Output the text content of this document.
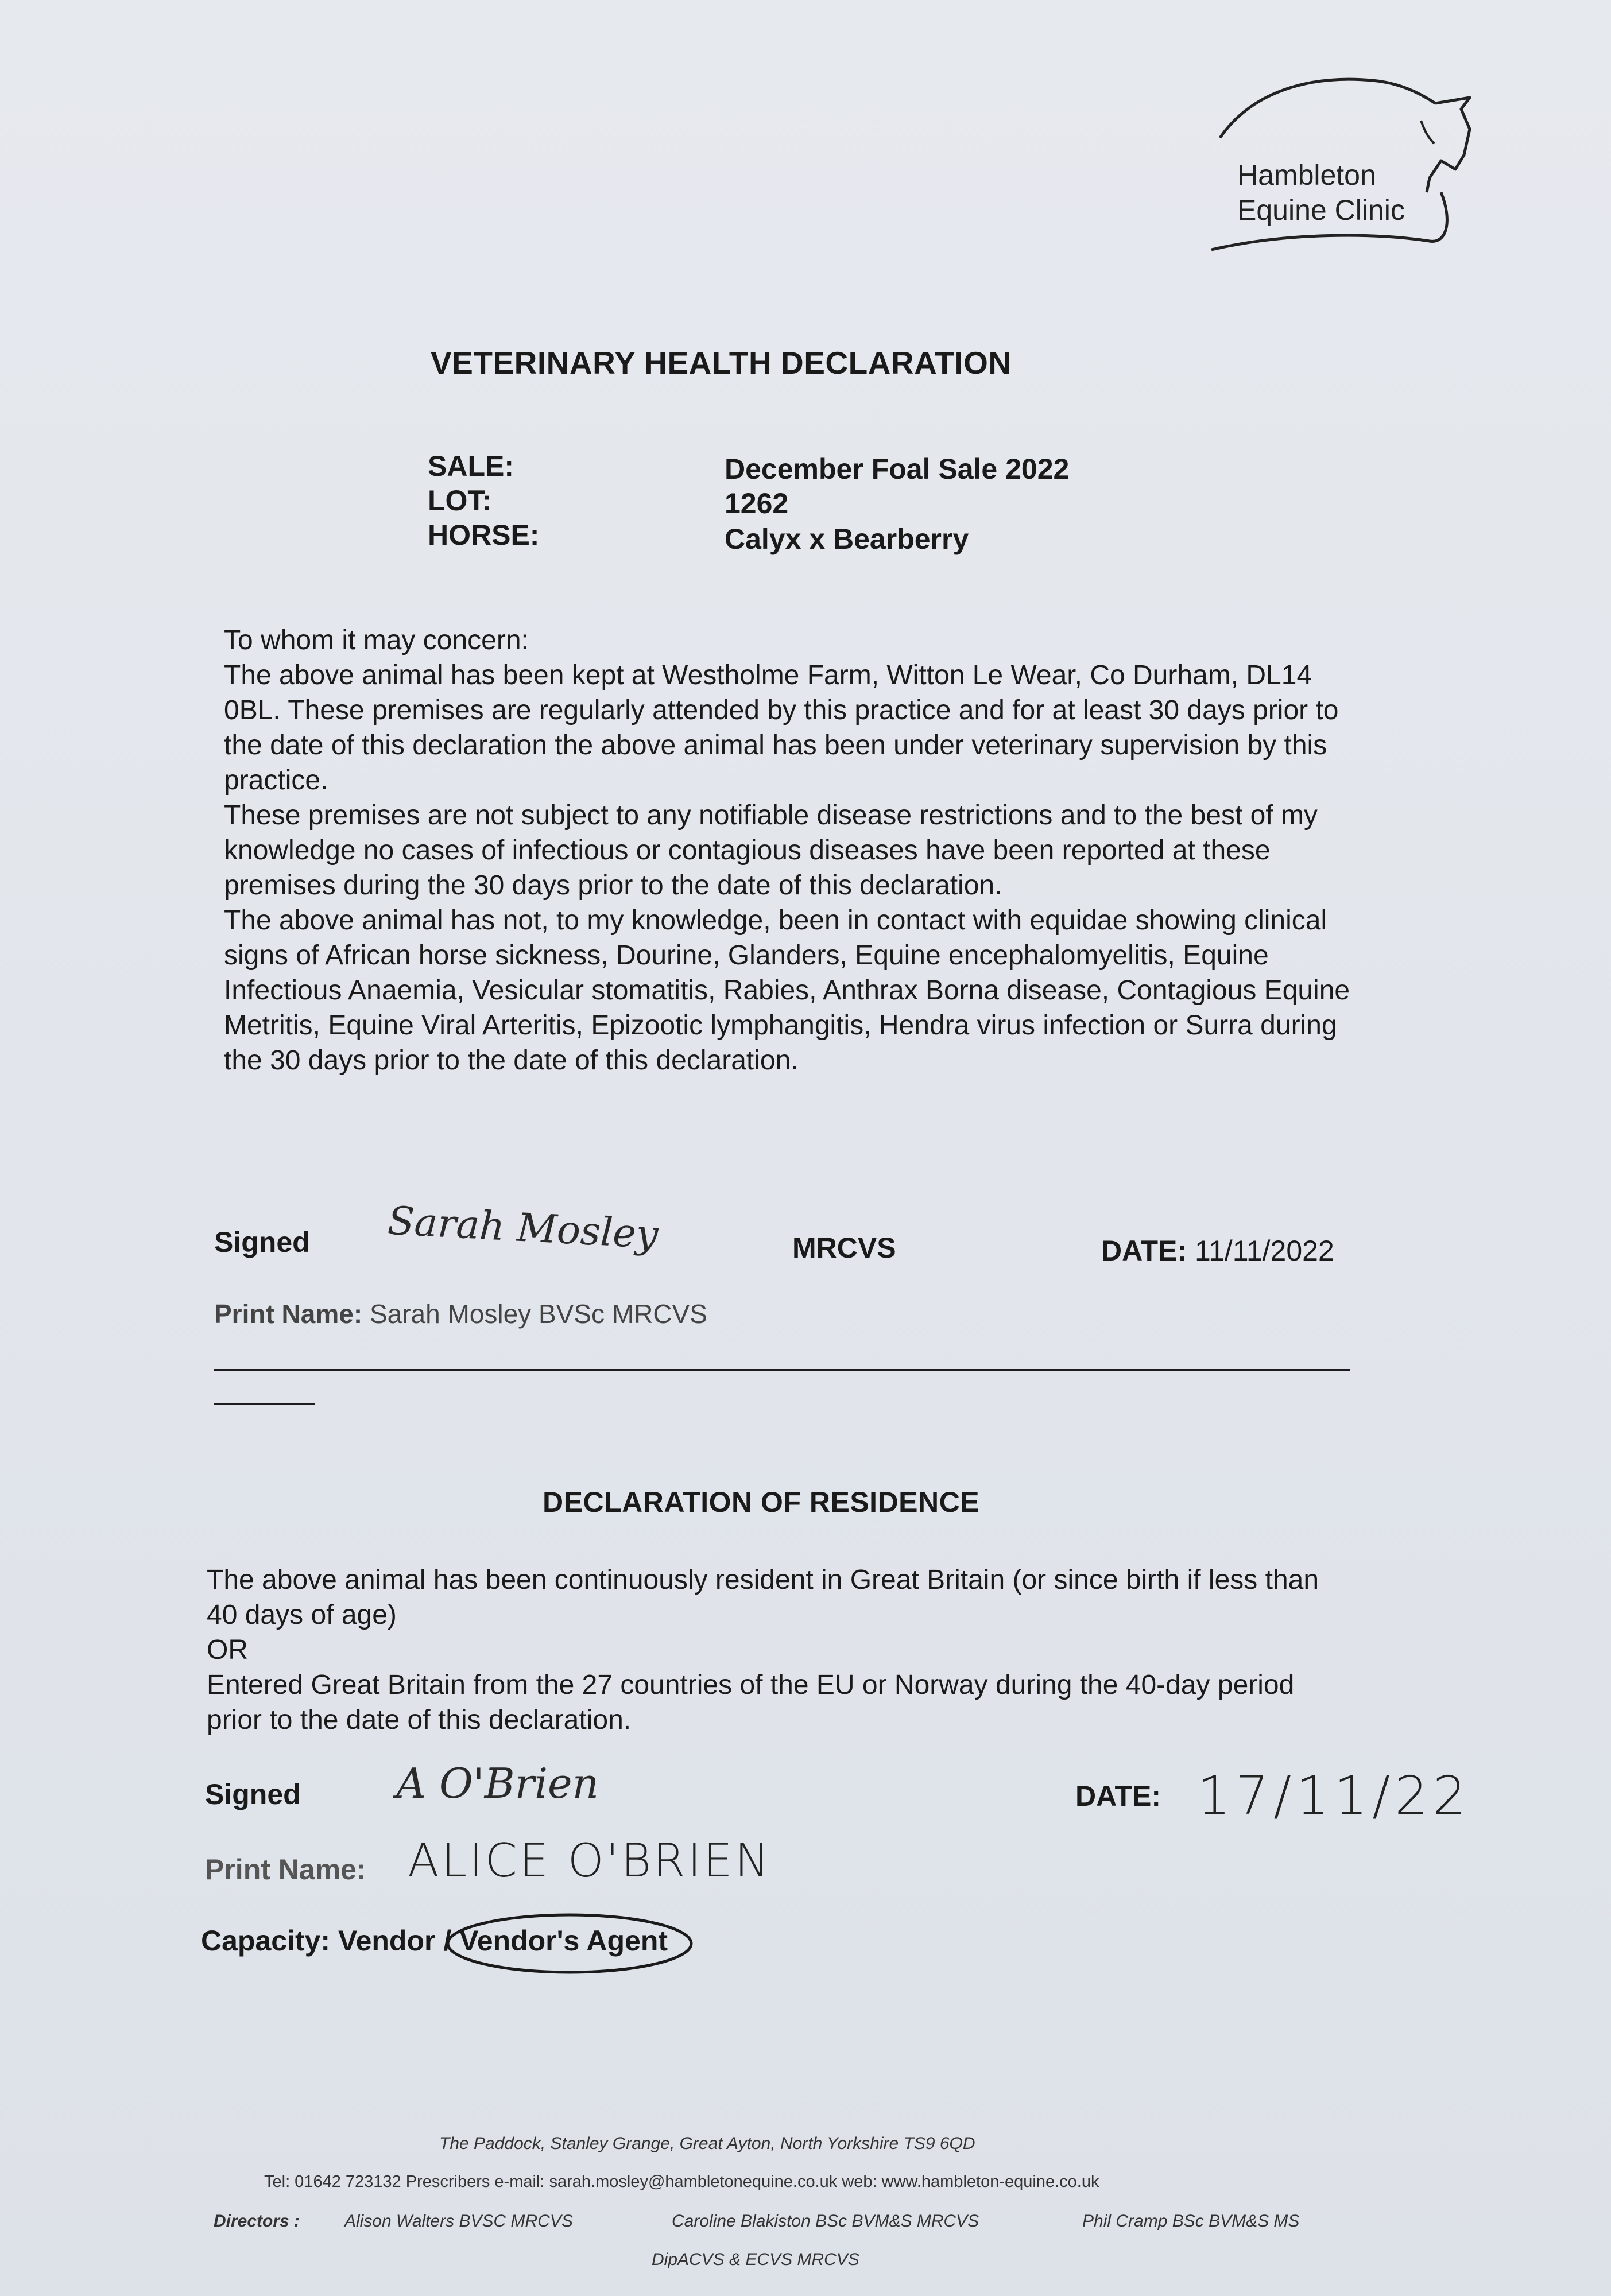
Hambleton
Equine Clinic
VETERINARY HEALTH DECLARATION
SALE:	December Foal Sale 2022
LOT:	1262
HORSE:	Calyx x Bearberry

To whom it may concern:

The above animal has been kept at Westholme Farm, Witton Le Wear, Co Durham, DL14 0BL. These premises are regularly attended by this practice and for at least 30 days prior to the date of this declaration the above animal has been under veterinary supervision by this practice.

These premises are not subject to any notifiable disease restrictions and to the best of my knowledge no cases of infectious or contagious diseases have been reported at these premises during the 30 days prior to the date of this declaration.

The above animal has not, to my knowledge, been in contact with equidae showing clinical signs of African horse sickness, Dourine, Glanders, Equine encephalomyelitis, Equine Infectious Anaemia, Vesicular stomatitis, Rabies, Anthrax Borna disease, Contagious Equine Metritis, Equine Viral Arteritis, Epizootic lymphangitis, Hendra virus infection or Surra during the 30 days prior to the date of this declaration.

Signed Sarah Mosley	MRCVS	DATE: 11/11/2022
Print Name: Sarah Mosley BVSc MRCVS
DECLARATION OF RESIDENCE

The above animal has been continuously resident in Great Britain (or since birth if less than 40 days of age)

OR

Entered Great Britain from the 27 countries of the EU or Norway during the 40-day period prior to the date of this declaration.

Signed A O'Brien	DATE: 17/11/22
Print Name: ALICE O'BRIEN
Capacity: Vendor / Vendor's Agent
The Paddock, Stanley Grange, Great Ayton, North Yorkshire TS9 6QD
Tel: 01642 723132 Prescribers e-mail: sarah.mosley@hambletonequine.co.uk web: www.hambleton-equine.co.uk
Directors :	Alison Walters BVSC MRCVS	Caroline Blakiston BSc BVM&S MRCVS	Phil Cramp BSc BVM&S MS
DipACVS & ECVS MRCVS
